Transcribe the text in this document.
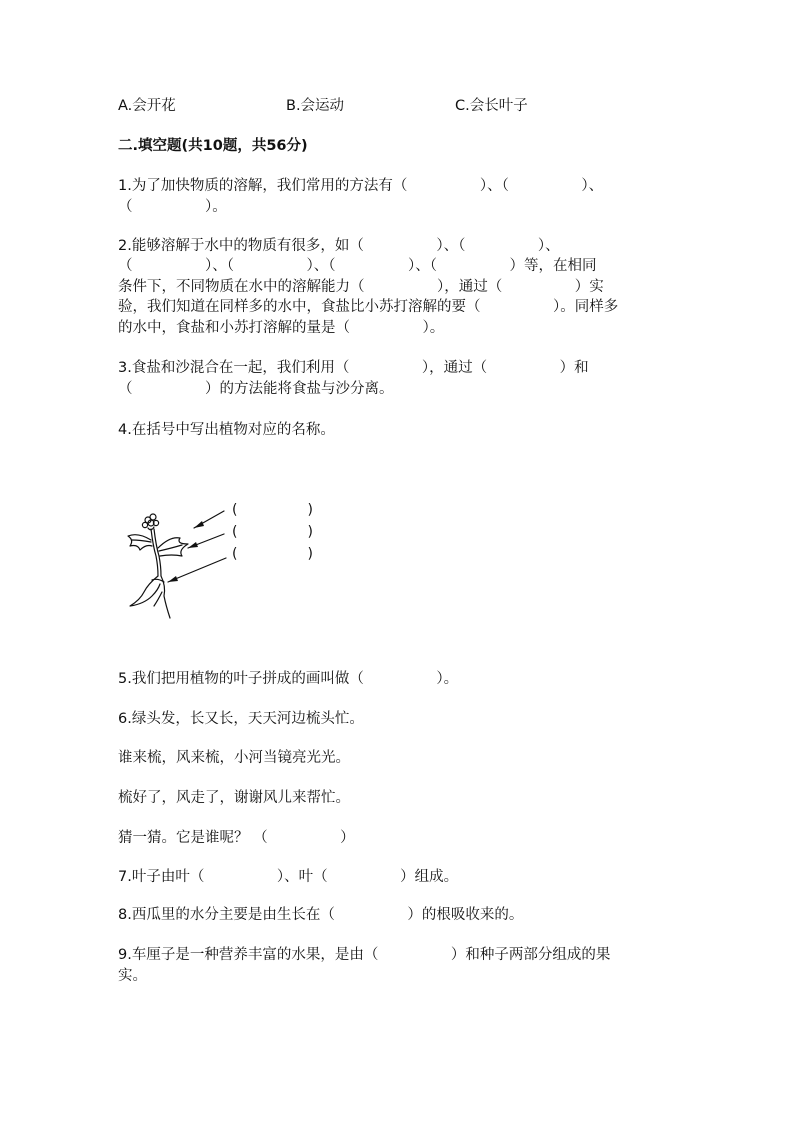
A.会开花	B.会运动	C.会长叶子
二.填空题(共10题，共56分)
1.为了加快物质的溶解，我们常用的方法有（　　　　　）、（　　　　　）、
（　　　　　）。
2.能够溶解于水中的物质有很多，如（　　　　　）、（　　　　　）、
（　　　　　）、（　　　　　）、（　　　　　）、（　　　　　）等，在相同
条件下，不同物质在水中的溶解能力（　　　　　），通过（　　　　　）实
验，我们知道在同样多的水中，食盐比小苏打溶解的要（　　　　　）。同样多
的水中，食盐和小苏打溶解的量是（　　　　　）。
3.食盐和沙混合在一起，我们利用（　　　　　），通过（　　　　　）和
（　　　　　）的方法能将食盐与沙分离。
4.在括号中写出植物对应的名称。
(　　　　　)
(　　　　　)
(　　　　　)
5.我们把用植物的叶子拼成的画叫做（　　　　　）。
6.绿头发，长又长，天天河边梳头忙。
谁来梳，风来梳，小河当镜亮光光。
梳好了，风走了，谢谢风儿来帮忙。
猜一猜。它是谁呢？ （　　　　　）
7.叶子由叶（　　　　　）、叶（　　　　　）组成。
8.西瓜里的水分主要是由生长在（　　　　　）的根吸收来的。
9.车厘子是一种营养丰富的水果，是由（　　　　　）和种子两部分组成的果
实。
